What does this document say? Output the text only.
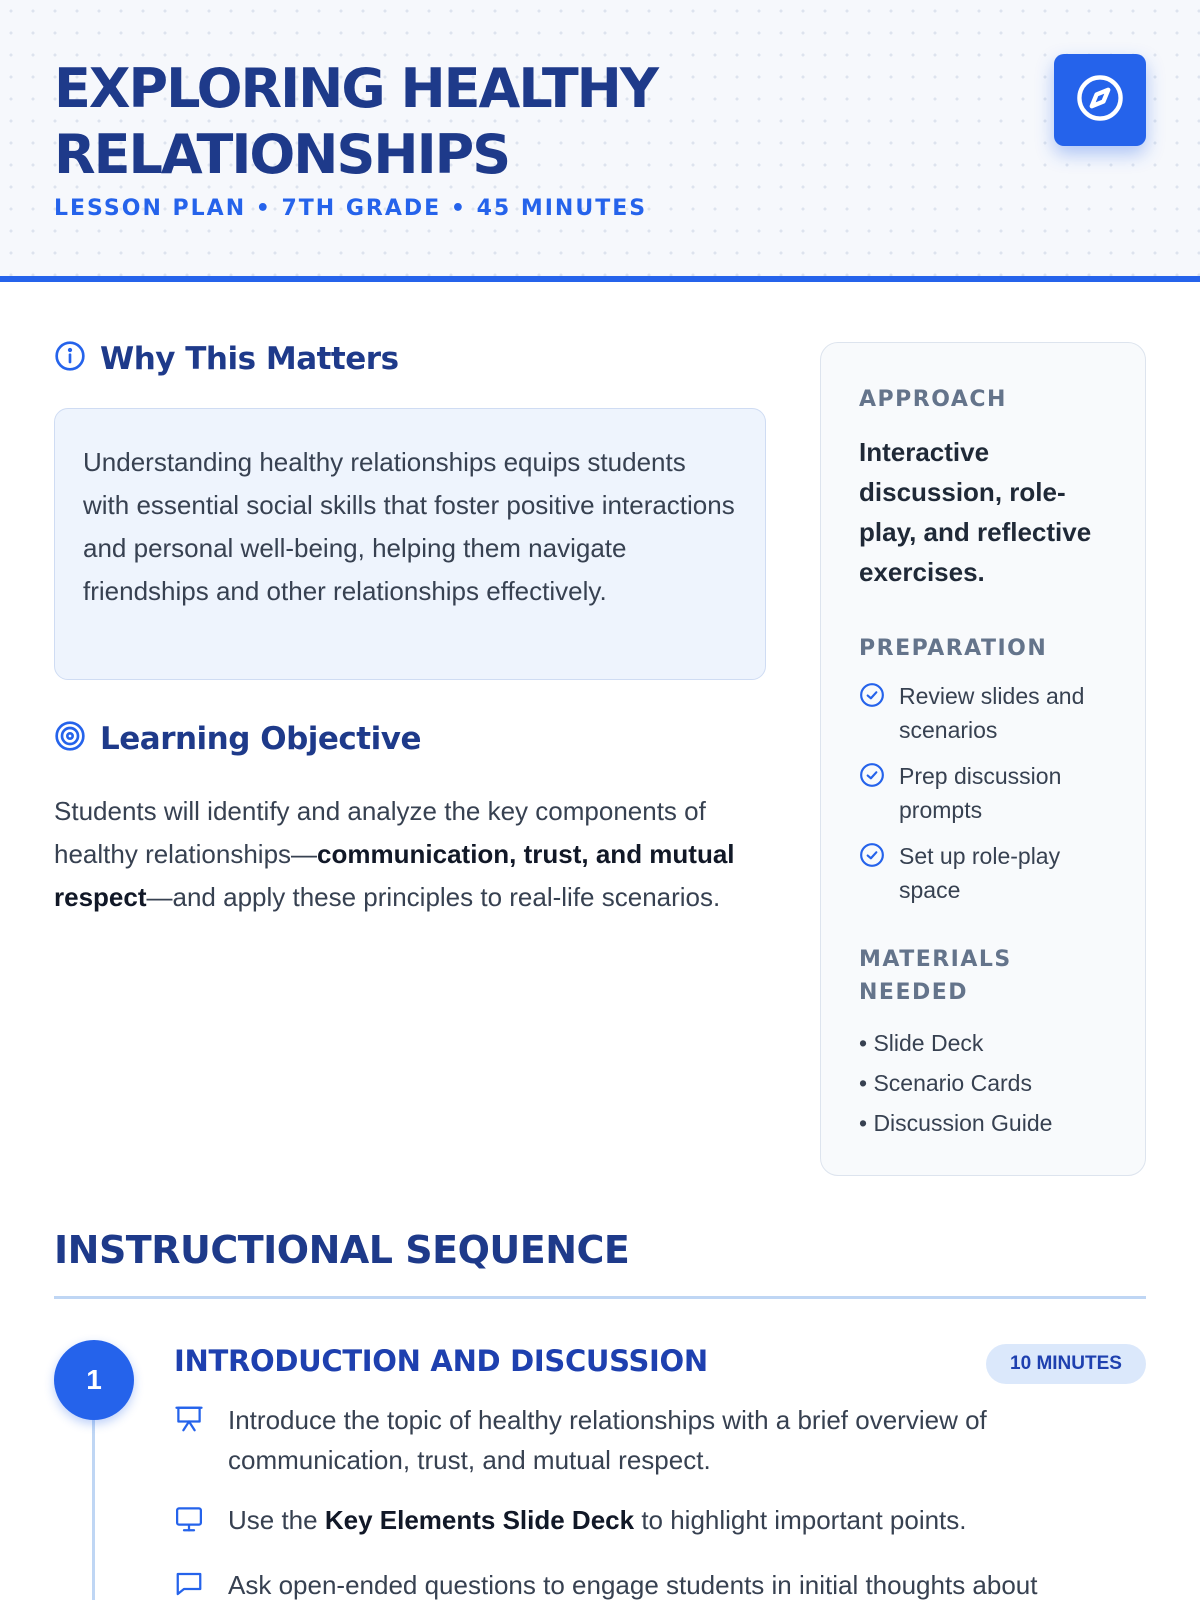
EXPLORING HEALTHY RELATIONSHIPS
LESSON PLAN • 7TH GRADE • 45 MINUTES
Why This Matters

Understanding healthy relationships equips students with essential social skills that foster positive interactions and personal well-being, helping them navigate friendships and other relationships effectively.

Learning Objective

Students will identify and analyze the key components of healthy relationships—communication, trust, and mutual respect—and apply these principles to real-life scenarios.

APPROACH

Interactive discussion, role-play, and reflective exercises.

PREPARATION
Review slides and scenarios
Prep discussion prompts
Set up role-play space
MATERIALS NEEDED
• Slide Deck
• Scenario Cards
• Discussion Guide
INSTRUCTIONAL SEQUENCE
1
INTRODUCTION AND DISCUSSION	10 MINUTES
Introduce the topic of healthy relationships with a brief overview of communication, trust, and mutual respect.
Use the Key Elements Slide Deck to highlight important points.
Ask open-ended questions to engage students in initial thoughts about
